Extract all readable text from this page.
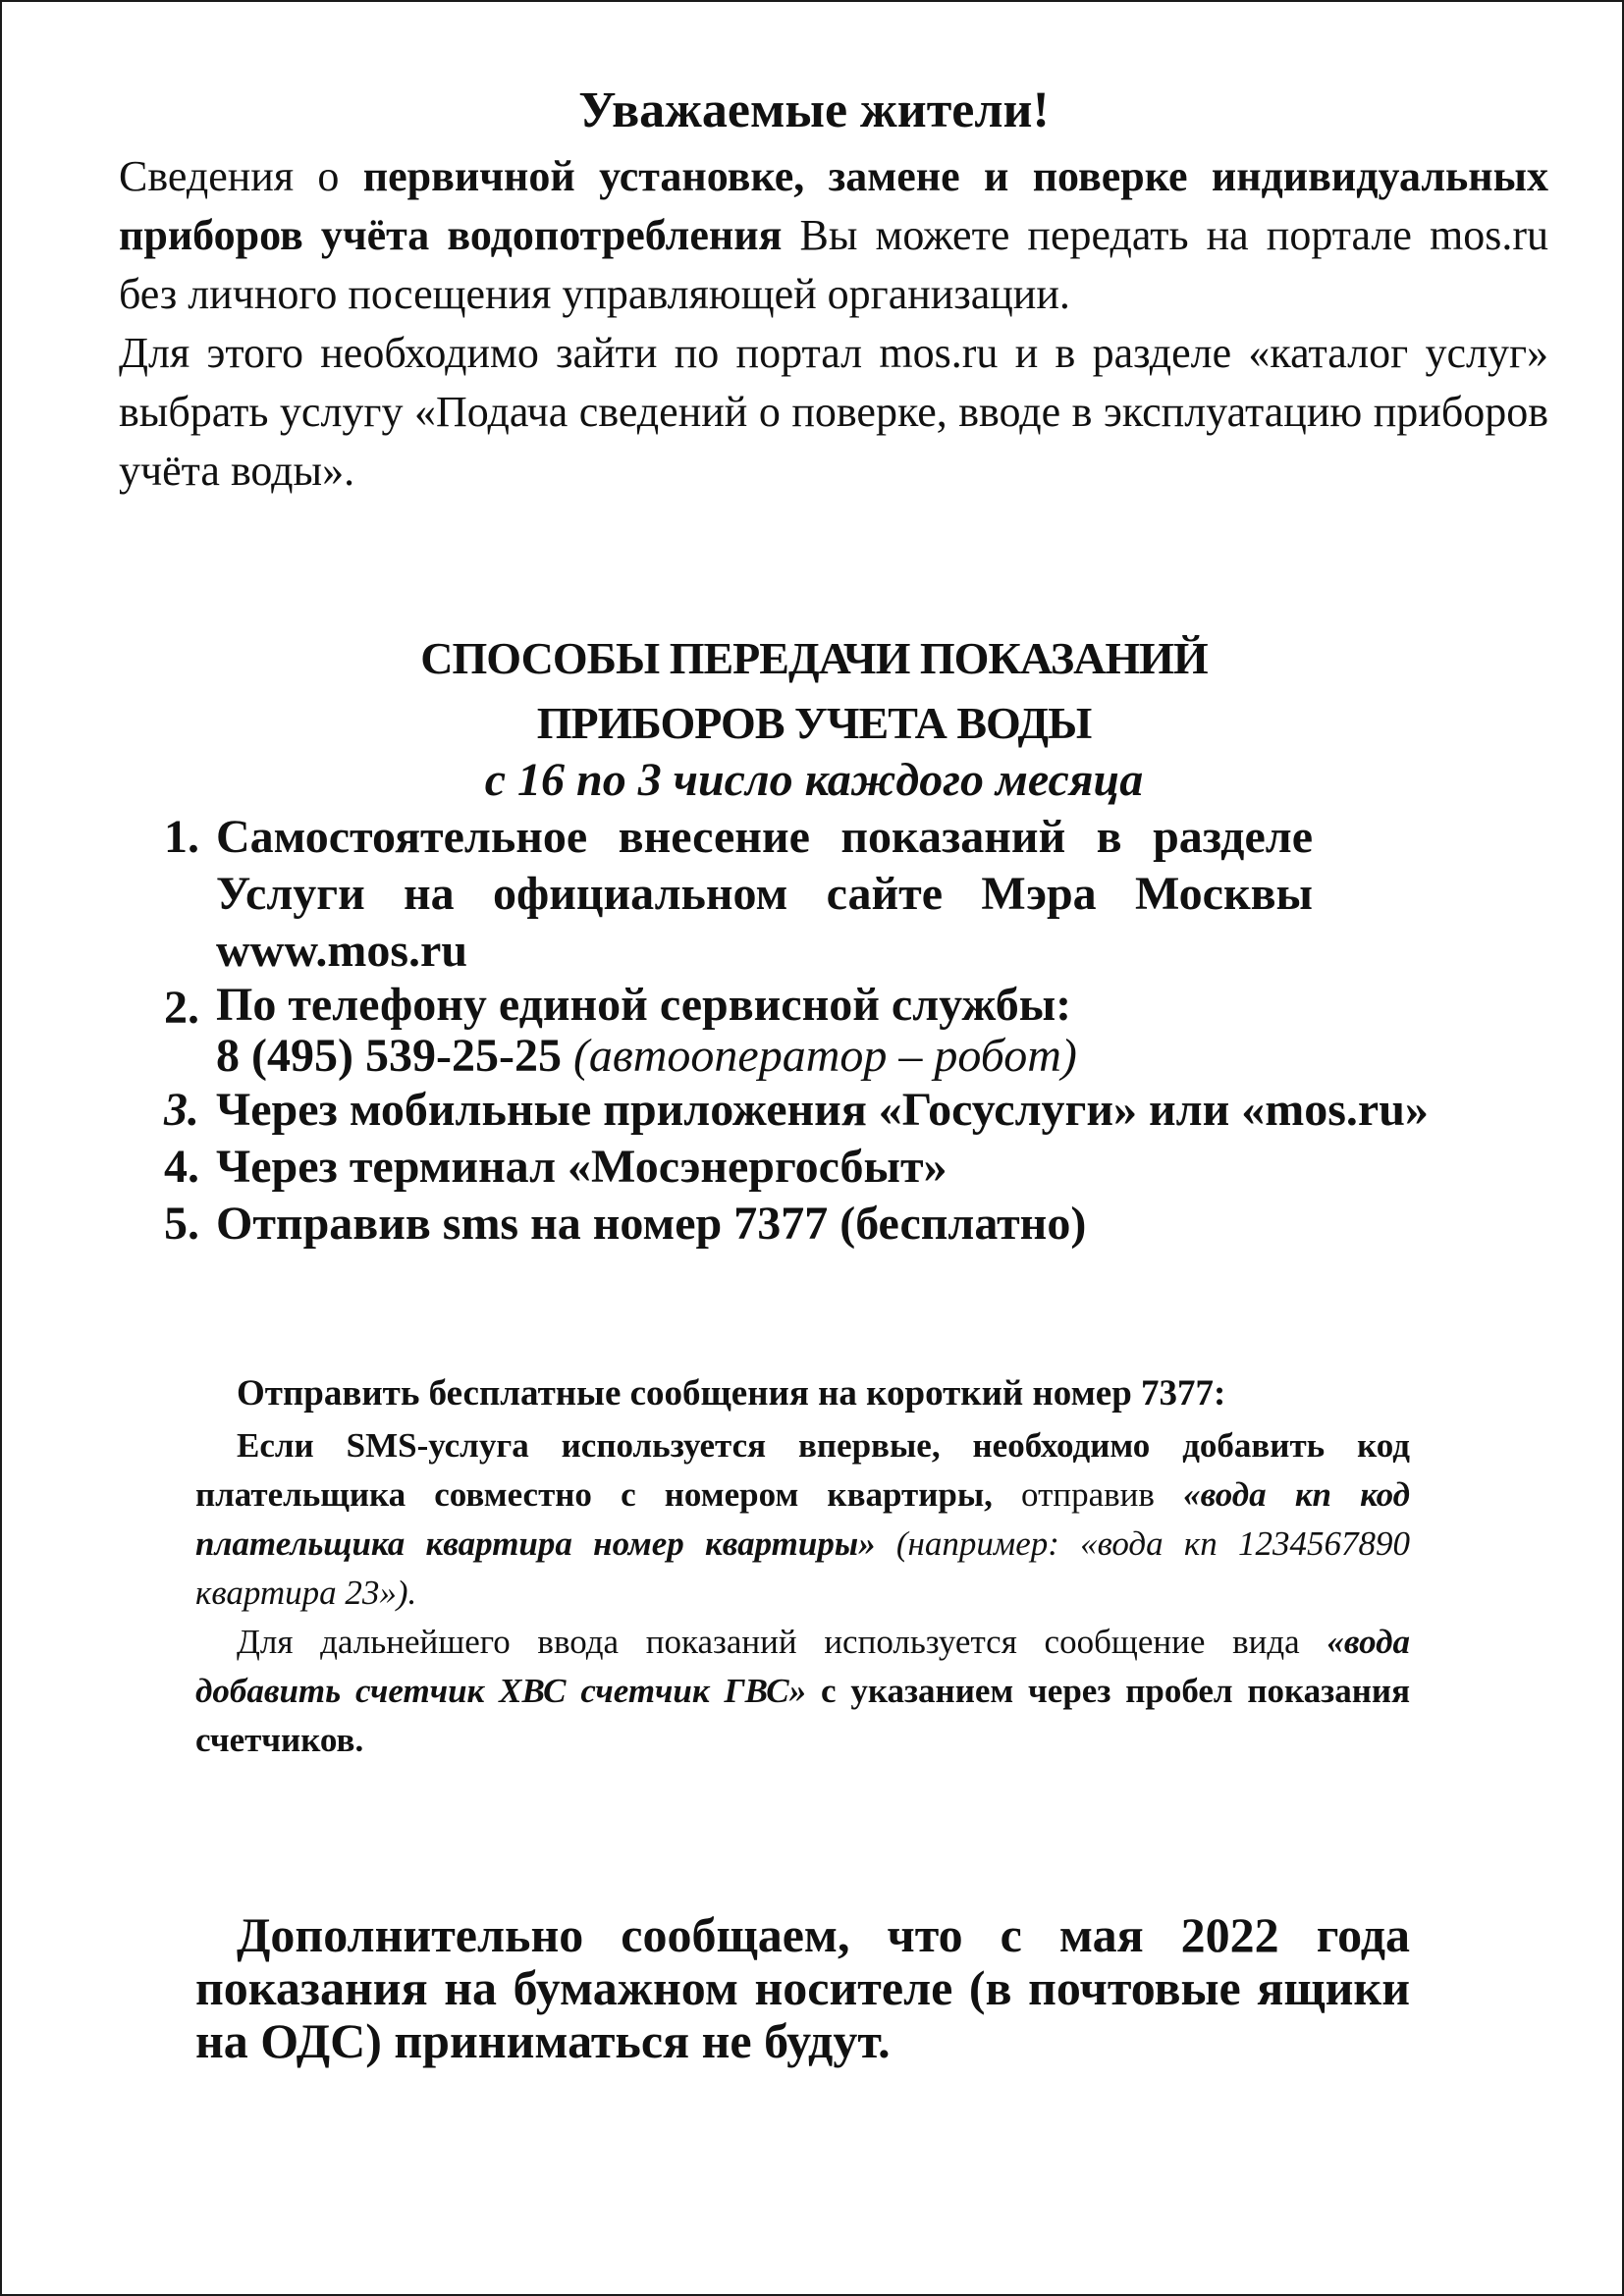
Уважаемые жители!

Сведения о первичной установке, замене и поверке индивидуальных приборов учёта водопотребления Вы можете передать на портале mos.ru без личного посещения управляющей организации.

Для этого необходимо зайти по портал mos.ru и в разделе «каталог услуг» выбрать услугу «Подача сведений о поверке, вводе в эксплуатацию приборов учёта воды».

СПОСОБЫ ПЕРЕДАЧИ ПОКАЗАНИЙ
ПРИБОРОВ УЧЕТА ВОДЫ
с 16 по 3 число каждого месяца
1. Самостоятельное внесение показаний в разделе Услуги на официальном сайте Мэра Москвы www.mos.ru
2. По телефону единой сервисной службы:
8 (495) 539-25-25 (автооператор – робот)
3. Через мобильные приложения «Госуслуги» или «mos.ru»
4. Через терминал «Мосэнергосбыт»
5. Отправив sms на номер 7377 (бесплатно)

Отправить бесплатные сообщения на короткий номер 7377:

Если SMS-услуга используется впервые, необходимо добавить код плательщика совместно с номером квартиры, отправив «вода кп код плательщика квартира номер квартиры» (например: «вода кп 1234567890 квартира 23»).

Для дальнейшего ввода показаний используется сообщение вида «вода добавить счетчик ХВС счетчик ГВС» с указанием через пробел показания счетчиков.

Дополнительно сообщаем, что с мая 2022 года показания на бумажном носителе (в почтовые ящики на ОДС) приниматься не будут.
